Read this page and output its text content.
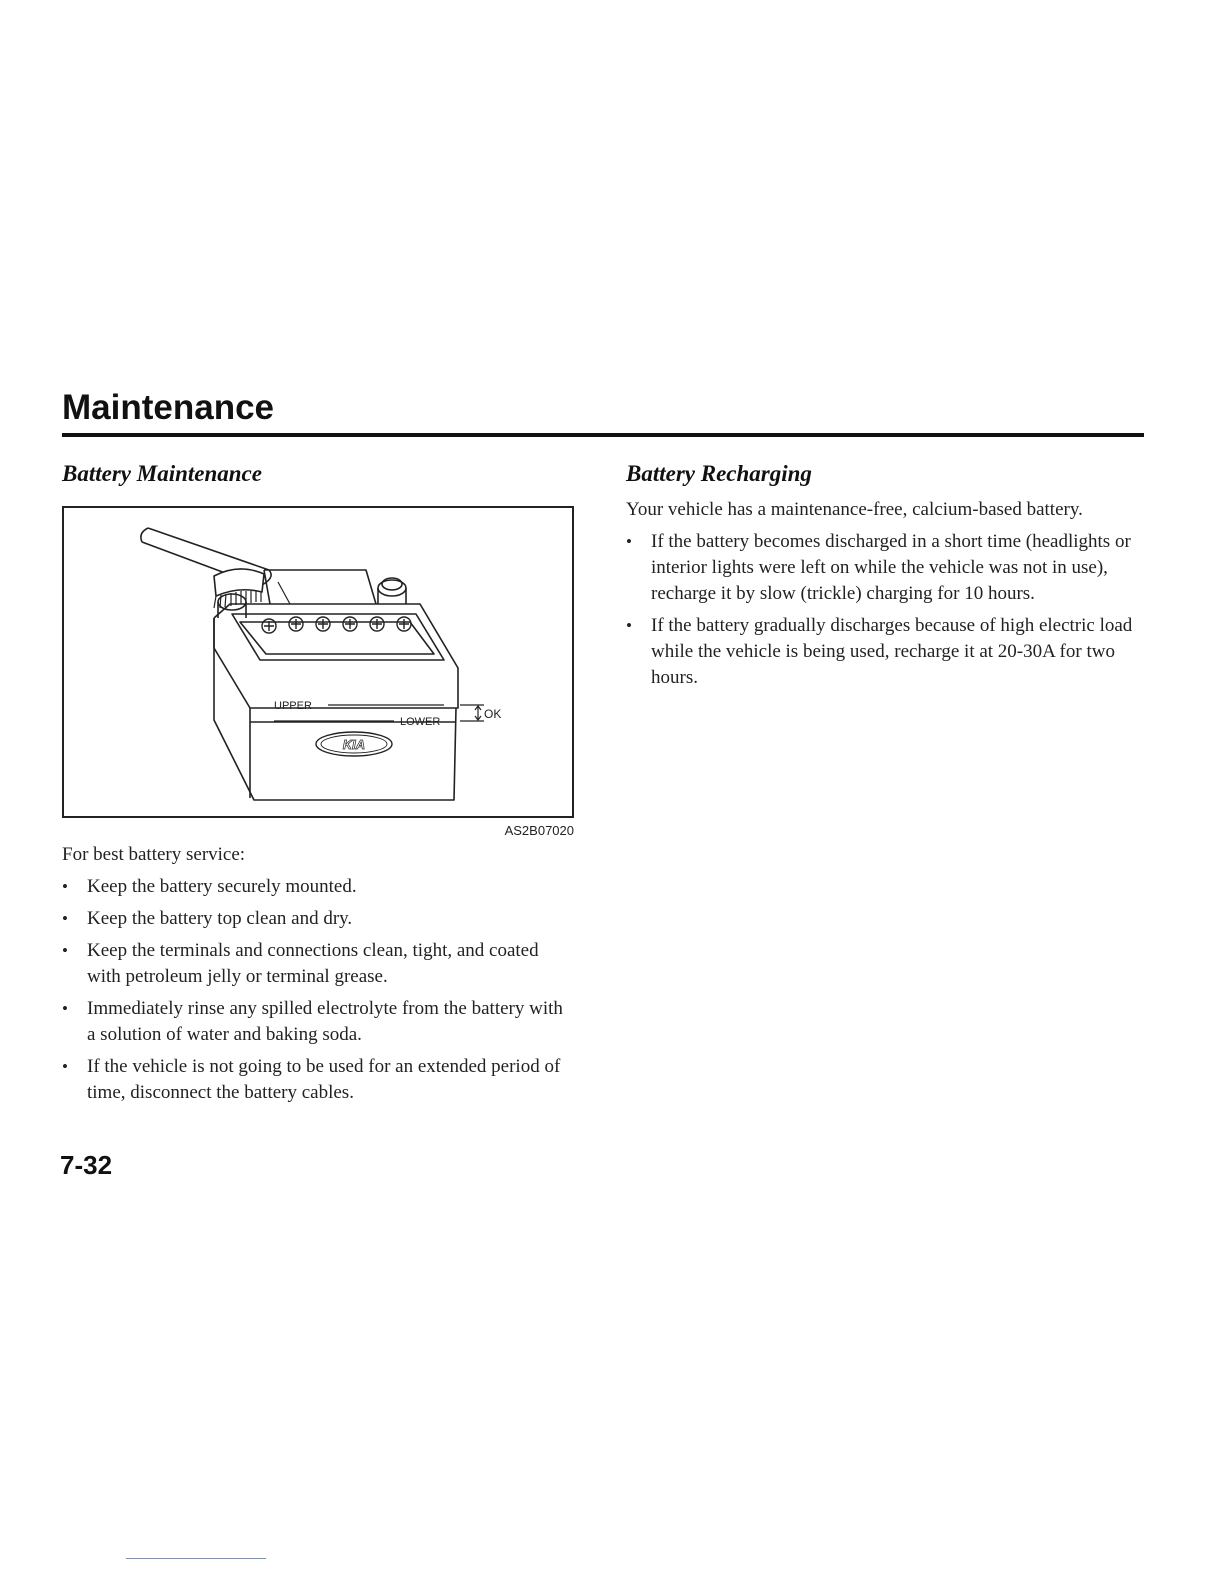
Maintenance
Battery Maintenance
UPPER
LOWER
OK
KIA
AS2B07020

For best battery service:

• Keep the battery securely mounted.
• Keep the battery top clean and dry.
• Keep the terminals and connections clean, tight, and coated with petroleum jelly or terminal grease.
• Immediately rinse any spilled electrolyte from the battery with a solution of water and baking soda.
• If the vehicle is not going to be used for an extended period of time, disconnect the battery cables.
Battery Recharging

Your vehicle has a maintenance-free, calcium-based battery.

• If the battery becomes discharged in a short time (headlights or interior lights were left on while the vehicle was not in use), recharge it by slow (trickle) charging for 10 hours.
• If the battery gradually discharges because of high electric load while the vehicle is being used, recharge it at 20-30A for two hours.
7-32
